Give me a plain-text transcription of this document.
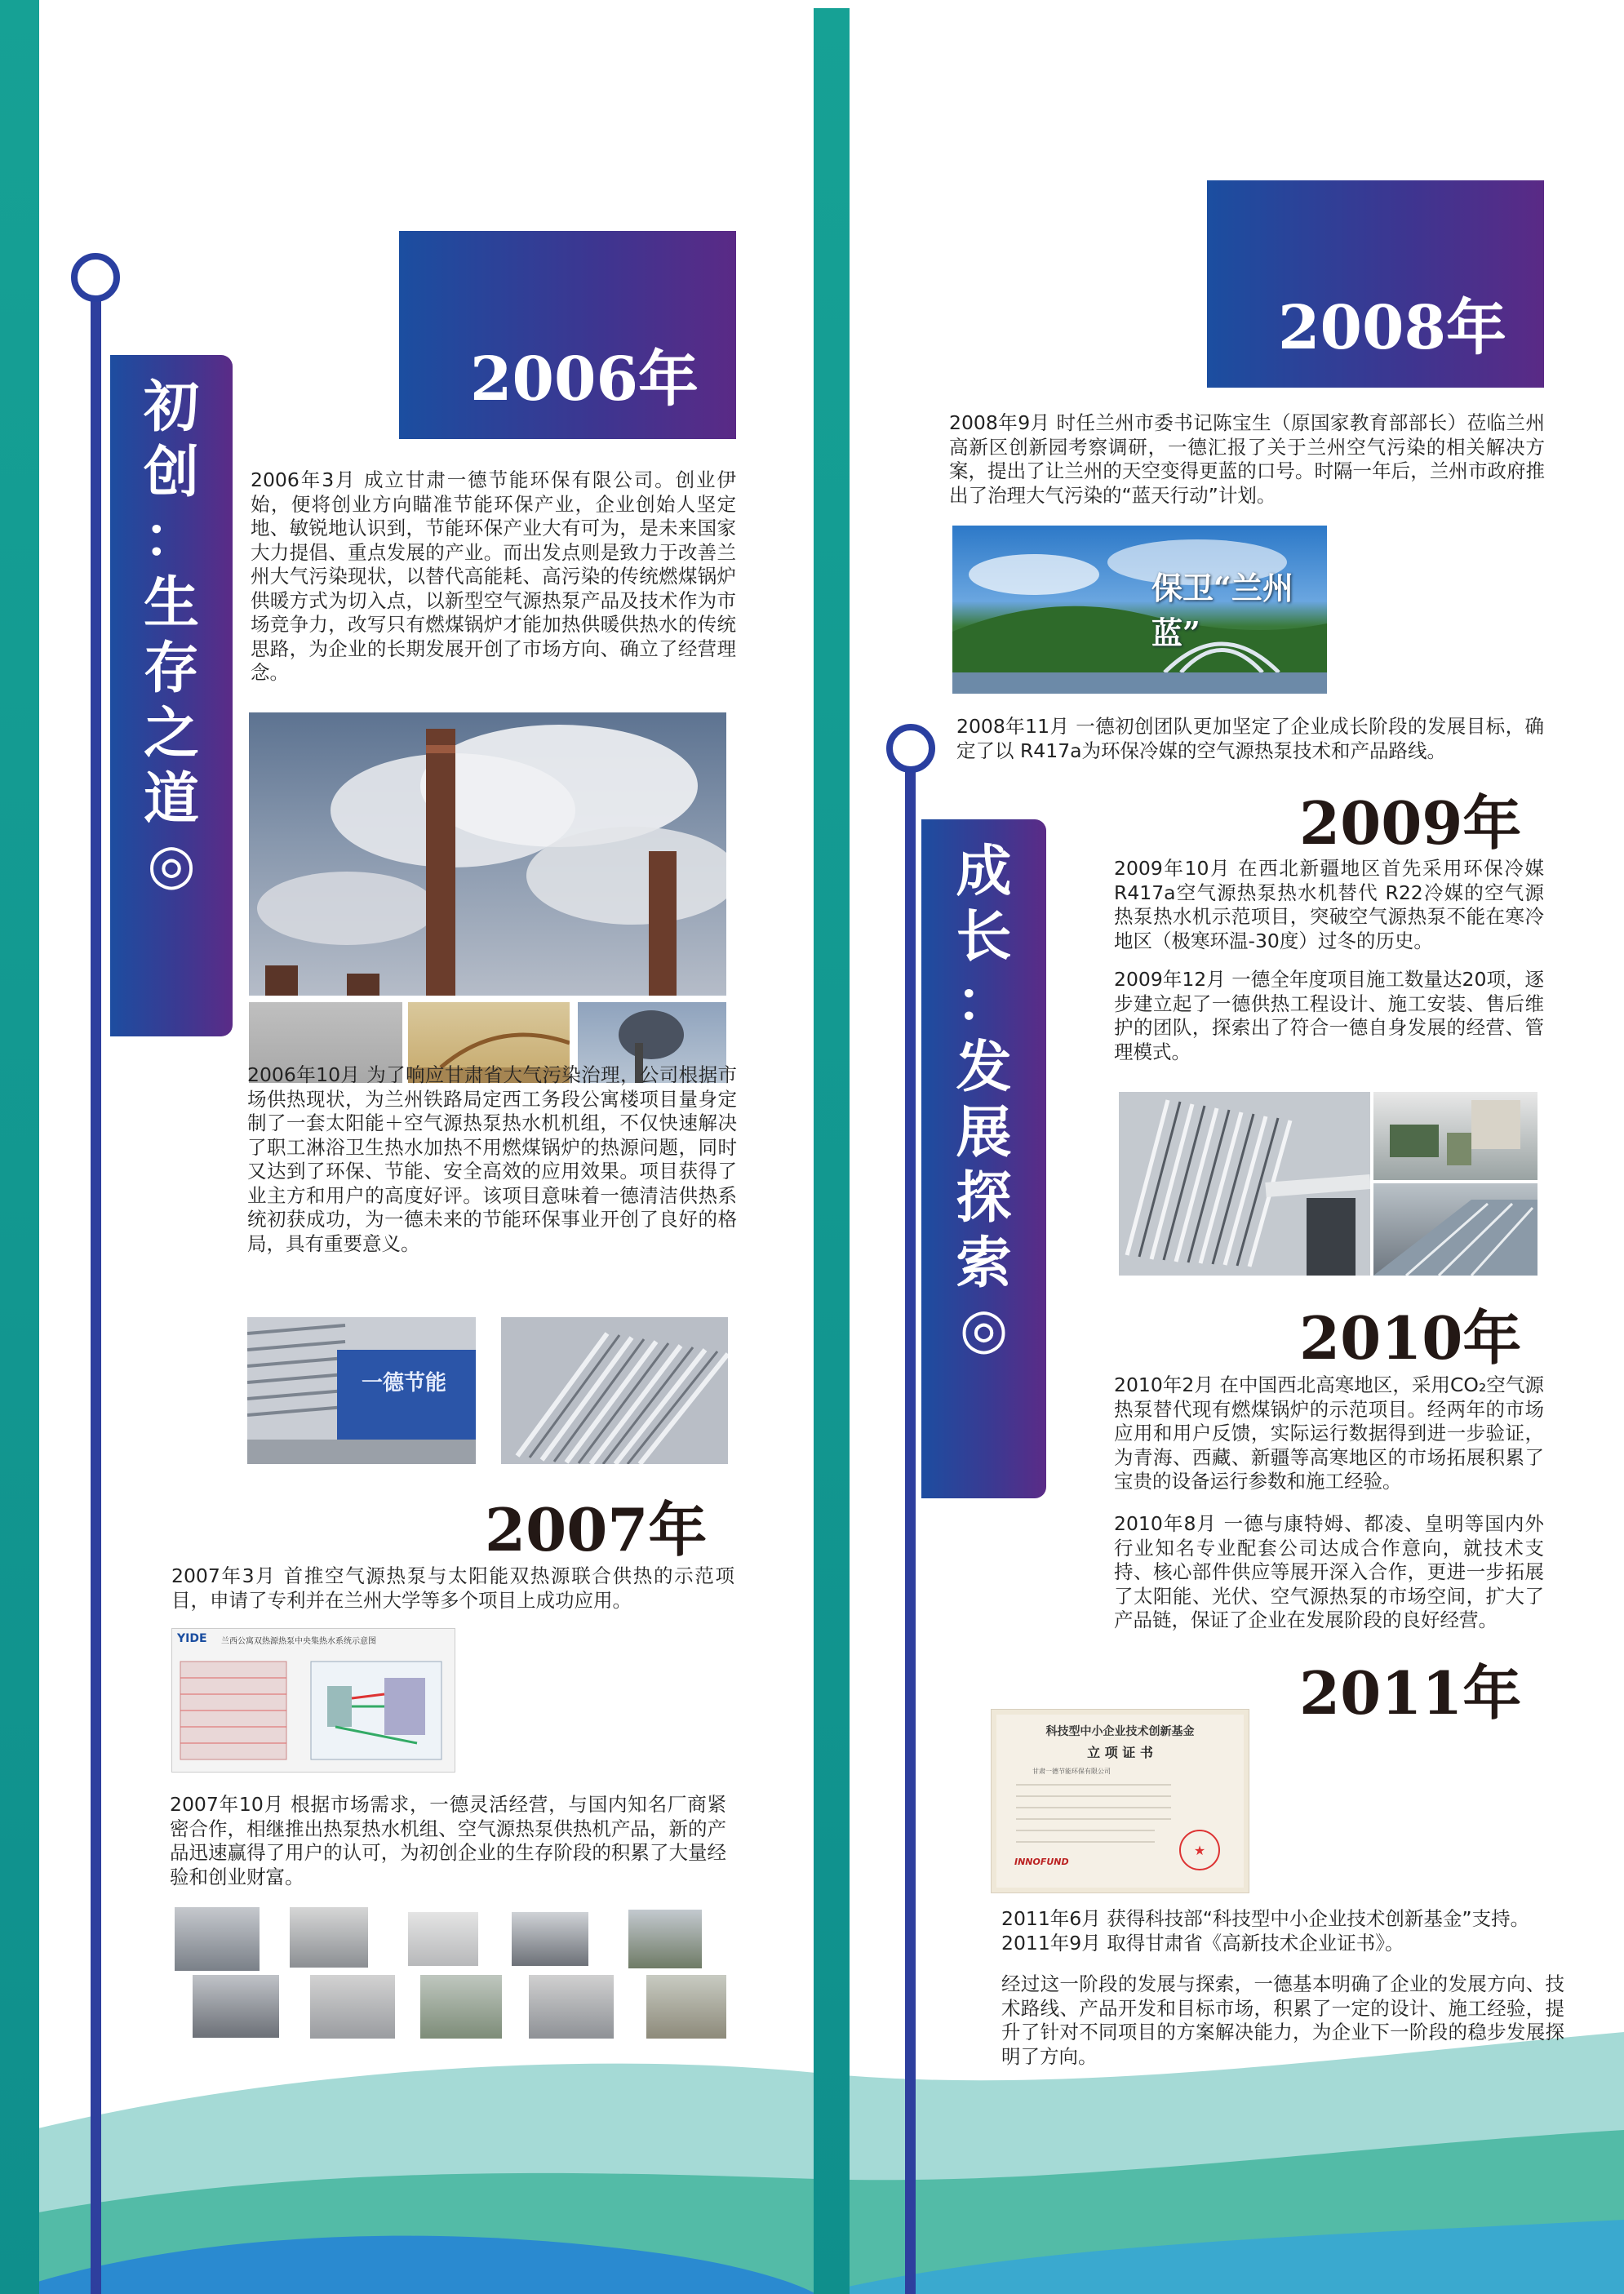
初
创
：
生
存
之
道
◎
2006年
2006年3月 成立甘肃一德节能环保有限公司。创业伊始，便将创业方向瞄准节能环保产业，企业创始人坚定地、敏锐地认识到，节能环保产业大有可为，是未来国家大力提倡、重点发展的产业。而出发点则是致力于改善兰州大气污染现状，以替代高能耗、高污染的传统燃煤锅炉供暖方式为切入点，以新型空气源热泵产品及技术作为市场竞争力，改写只有燃煤锅炉才能加热供暖供热水的传统思路，为企业的长期发展开创了市场方向、确立了经营理念。
2006年10月 为了响应甘肃省大气污染治理，公司根据市场供热现状，为兰州铁路局定西工务段公寓楼项目量身定制了一套太阳能＋空气源热泵热水机机组，不仅快速解决了职工淋浴卫生热水加热不用燃煤锅炉的热源问题，同时又达到了环保、节能、安全高效的应用效果。项目获得了业主方和用户的高度好评。该项目意味着一德清洁供热系统初获成功，为一德未来的节能环保事业开创了良好的格局，具有重要意义。
一德节能
2007年
2007年3月 首推空气源热泵与太阳能双热源联合供热的示范项目，申请了专利并在兰州大学等多个项目上成功应用。
YIDE 兰西公寓双热源热泵中央集热水系统示意图
2007年10月 根据市场需求，一德灵活经营，与国内知名厂商紧密合作，相继推出热泵热水机组、空气源热泵供热机产品，新的产品迅速赢得了用户的认可，为初创企业的生存阶段的积累了大量经验和创业财富。
2008年
2008年9月 时任兰州市委书记陈宝生（原国家教育部部长）莅临兰州高新区创新园考察调研，一德汇报了关于兰州空气污染的相关解决方案，提出了让兰州的天空变得更蓝的口号。时隔一年后，兰州市政府推出了治理大气污染的“蓝天行动”计划。
保卫“兰州蓝”
2008年11月 一德初创团队更加坚定了企业成长阶段的发展目标，确定了以 R417a为环保冷媒的空气源热泵技术和产品路线。
成
长
：
发
展
探
索
◎
2009年
2009年10月 在西北新疆地区首先采用环保冷媒R417a空气源热泵热水机替代 R22冷媒的空气源热泵热水机示范项目，突破空气源热泵不能在寒冷地区（极寒环温-30度）过冬的历史。
2009年12月 一德全年度项目施工数量达20项，逐步建立起了一德供热工程设计、施工安装、售后维护的团队，探索出了符合一德自身发展的经营、管理模式。
2010年
2010年2月 在中国西北高寒地区，采用CO₂空气源热泵替代现有燃煤锅炉的示范项目。经两年的市场应用和用户反馈，实际运行数据得到进一步验证，为青海、西藏、新疆等高寒地区的市场拓展积累了宝贵的设备运行参数和施工经验。
2010年8月 一德与康特姆、都凌、皇明等国内外行业知名专业配套公司达成合作意向，就技术支持、核心部件供应等展开深入合作，更进一步拓展了太阳能、光伏、空气源热泵的市场空间，扩大了产品链，保证了企业在发展阶段的良好经营。
2011年
科技型中小企业技术创新基金
立 项 证 书
甘肃一德节能环保有限公司
★
INNOFUND
2011年6月 获得科技部“科技型中小企业技术创新基金”支持。
2011年9月 取得甘肃省《高新技术企业证书》。
经过这一阶段的发展与探索，一德基本明确了企业的发展方向、技术路线、产品开发和目标市场，积累了一定的设计、施工经验，提升了针对不同项目的方案解决能力，为企业下一阶段的稳步发展探明了方向。
